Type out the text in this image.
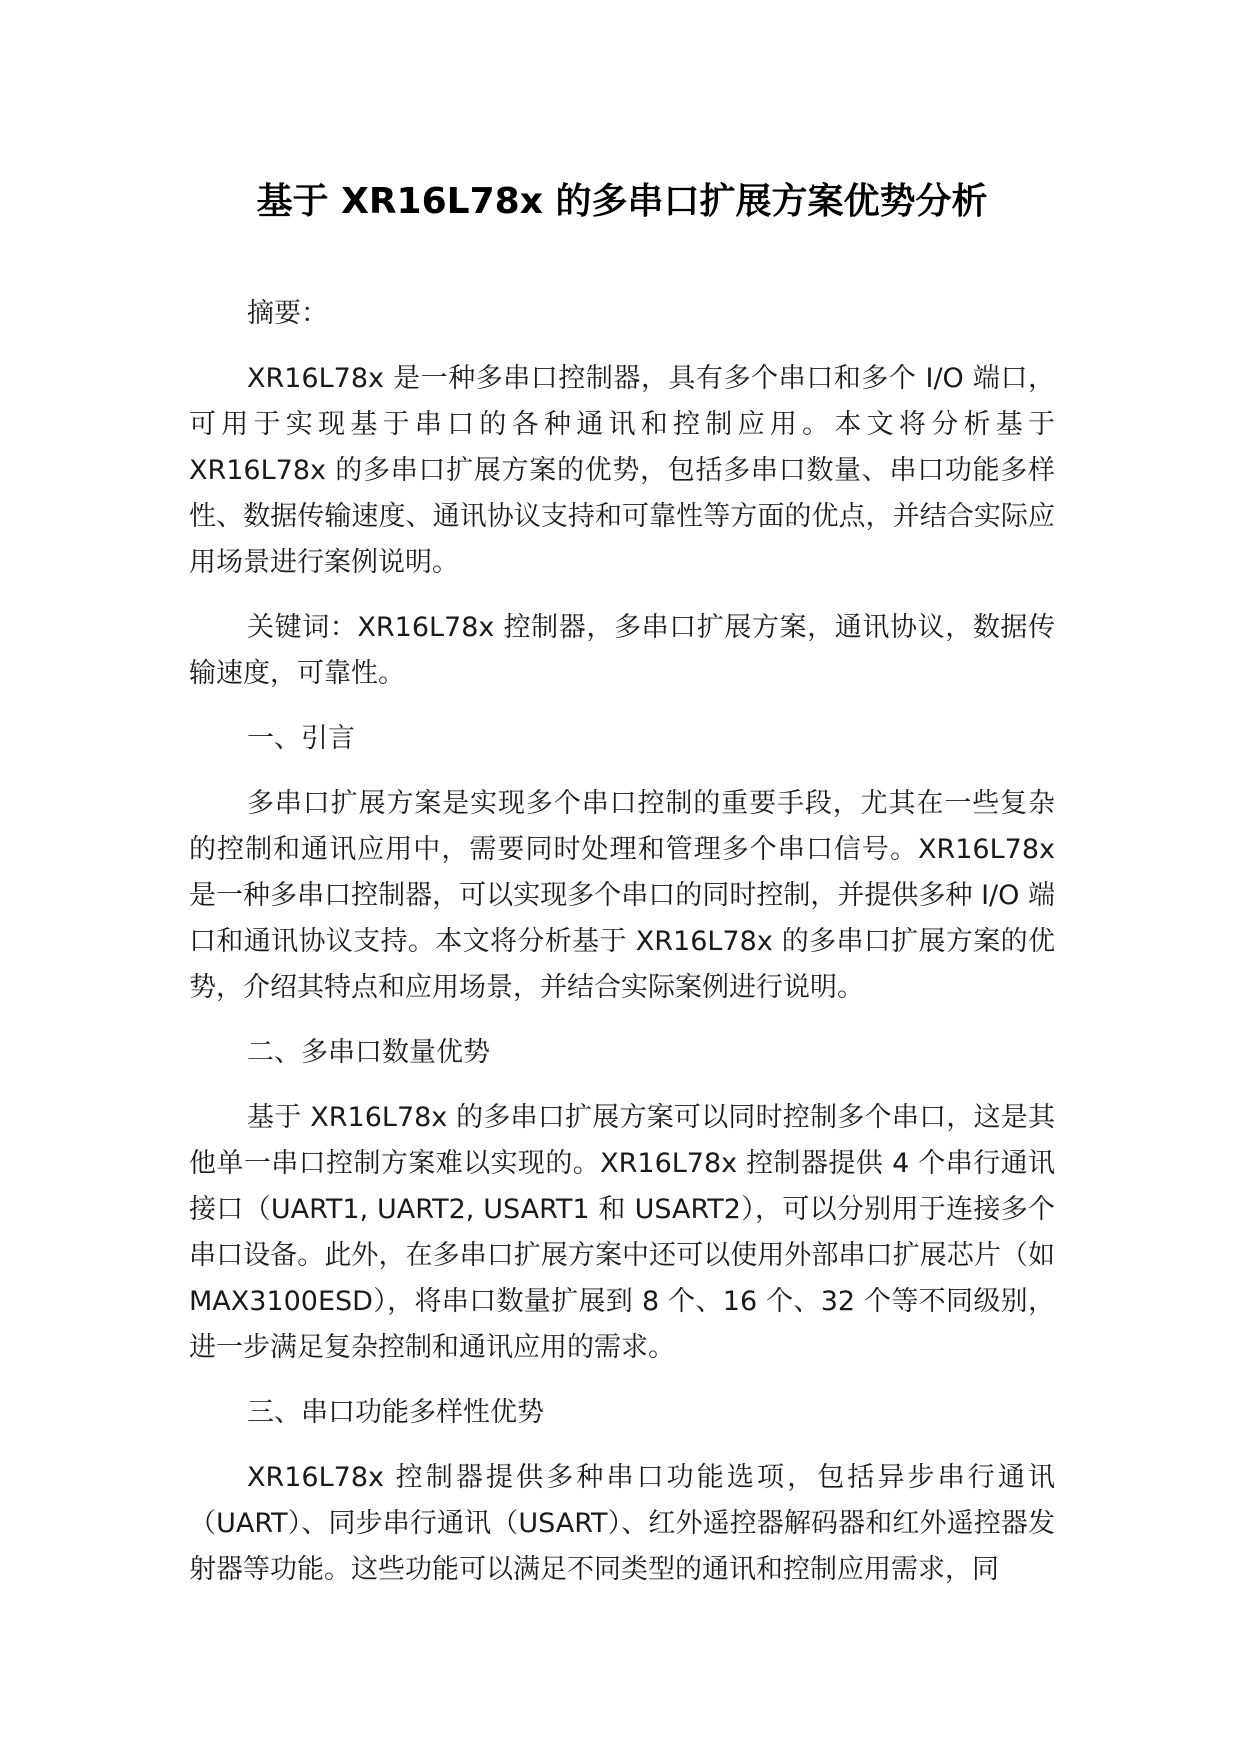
基于 XR16L78x 的多串口扩展方案优势分析

摘要：

XR16L78x 是一种多串口控制器，具有多个串口和多个 I/O 端口，可用于实现基于串口的各种通讯和控制应用。本文将分析基于 XR16L78x 的多串口扩展方案的优势，包括多串口数量、串口功能多样性、数据传输速度、通讯协议支持和可靠性等方面的优点，并结合实际应用场景进行案例说明。

关键词：XR16L78x 控制器，多串口扩展方案，通讯协议，数据传输速度，可靠性。

一、引言

多串口扩展方案是实现多个串口控制的重要手段，尤其在一些复杂的控制和通讯应用中，需要同时处理和管理多个串口信号。XR16L78x 是一种多串口控制器，可以实现多个串口的同时控制，并提供多种 I/O 端口和通讯协议支持。本文将分析基于 XR16L78x 的多串口扩展方案的优势，介绍其特点和应用场景，并结合实际案例进行说明。

二、多串口数量优势

基于 XR16L78x 的多串口扩展方案可以同时控制多个串口，这是其他单一串口控制方案难以实现的。XR16L78x 控制器提供 4 个串行通讯接口（UART1, UART2, USART1 和 USART2），可以分别用于连接多个串口设备。此外，在多串口扩展方案中还可以使用外部串口扩展芯片（如MAX3100ESD），将串口数量扩展到 8 个、16 个、32 个等不同级别，进一步满足复杂控制和通讯应用的需求。

三、串口功能多样性优势

XR16L78x 控制器提供多种串口功能选项，包括异步串行通讯（UART）、同步串行通讯（USART）、红外遥控器解码器和红外遥控器发射器等功能。这些功能可以满足不同类型的通讯和控制应用需求，同
